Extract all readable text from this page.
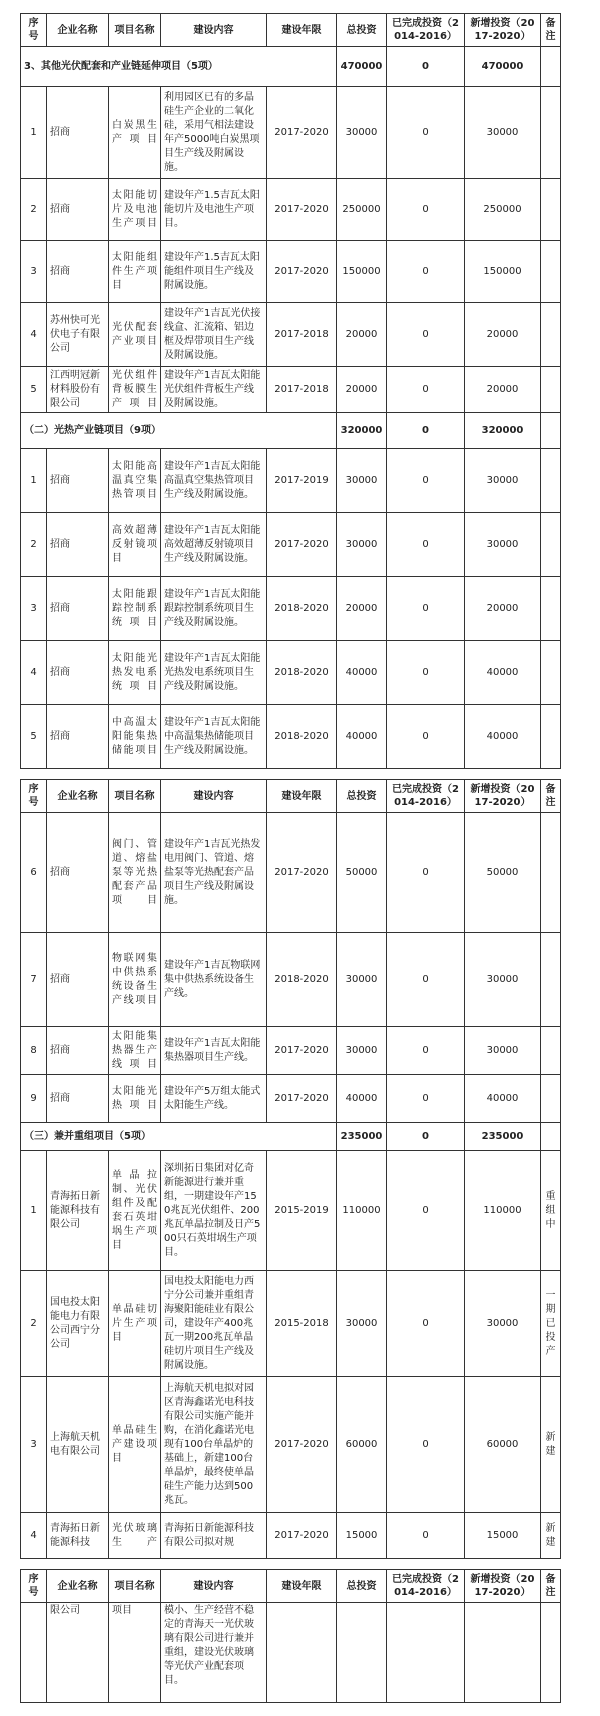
序号	企业名称	项目名称	建设内容	建设年限	总投资	已完成投资（2014-2016）	新增投资（2017-2020）	备注
3、其他光伏配套和产业链延伸项目（5项）					470000	0	470000	
1	招商	白炭黑生产项目	利用园区已有的多晶硅生产企业的二氧化硅，采用气相法建设年产5000吨白炭黑项目生产线及附属设施。	2017-2020	30000	0	30000	
2	招商	太阳能切片及电池生产项目	建设年产1.5吉瓦太阳能切片及电池生产项目。	2017-2020	250000	0	250000	
3	招商	太阳能组件生产项目	建设年产1.5吉瓦太阳能组件项目生产线及附属设施。	2017-2020	150000	0	150000	
4	苏州快可光伏电子有限公司	光伏配套产业项目	建设年产1吉瓦光伏接线盒、汇流箱、铝边框及焊带项目生产线及附属设施。	2017-2018	20000	0	20000	
5	江西明冠新材料股份有限公司	光伏组件背板膜生产项目	建设年产1吉瓦太阳能光伏组件背板生产线及附属设施。	2017-2018	20000	0	20000	
（二）光热产业链项目（9项）					320000	0	320000	
1	招商	太阳能高温真空集热管项目	建设年产1吉瓦太阳能高温真空集热管项目生产线及附属设施。	2017-2019	30000	0	30000	
2	招商	高效超薄反射镜项目	建设年产1吉瓦太阳能高效超薄反射镜项目生产线及附属设施。	2017-2020	30000	0	30000	
3	招商	太阳能跟踪控制系统项目	建设年产1吉瓦太阳能跟踪控制系统项目生产线及附属设施。	2018-2020	20000	0	20000	
4	招商	太阳能光热发电系统项目	建设年产1吉瓦太阳能光热发电系统项目生产线及附属设施。	2018-2020	40000	0	40000	
5	招商	中高温太阳能集热储能项目	建设年产1吉瓦太阳能中高温集热储能项目生产线及附属设施。	2018-2020	40000	0	40000	
序号	企业名称	项目名称	建设内容	建设年限	总投资	已完成投资（2014-2016）	新增投资（2017-2020）	备注
6	招商	阀门、管道、熔盐泵等光热配套产品项目	建设年产1吉瓦光热发电用阀门、管道、熔盐泵等光热配套产品项目生产线及附属设施。	2017-2020	50000	0	50000	
7	招商	物联网集中供热系统设备生产线项目	建设年产1吉瓦物联网集中供热系统设备生产线。	2018-2020	30000	0	30000	
8	招商	太阳能集热器生产线项目	建设年产1吉瓦太阳能集热器项目生产线。	2017-2020	30000	0	30000	
9	招商	太阳能光热项目	建设年产5万组太能式太阳能生产线。	2017-2020	40000	0	40000	
（三）兼并重组项目（5项）					235000	0	235000	
1	青海拓日新能源科技有限公司	单晶拉制、光伏组件及配套石英坩埚生产项目	深圳拓日集团对亿奇新能源进行兼并重组，一期建设年产150兆瓦光伏组件、200兆瓦单晶拉制及日产500只石英坩埚生产项目。	2015-2019	110000	0	110000	重组中
2	国电投太阳能电力有限公司西宁分公司	单晶硅切片生产项目	国电投太阳能电力西宁分公司兼并重组青海聚阳能硅业有限公司，建设年产400兆瓦一期200兆瓦单晶硅切片项目生产线及附属设施。	2015-2018	30000	0	30000	一期已投产
3	上海航天机电有限公司	单晶硅生产建设项目	上海航天机电拟对园区青海鑫诺光电科技有限公司实施产能并购，在消化鑫诺光电现有100台单晶炉的基础上，新建100台单晶炉，最终使单晶硅生产能力达到500兆瓦。	2017-2020	60000	0	60000	新建
4	青海拓日新能源科技	光伏玻璃生产	青海拓日新能源科技有限公司拟对规	2017-2020	15000	0	15000	新建
序号	企业名称	项目名称	建设内容	建设年限	总投资	已完成投资（2014-2016）	新增投资（2017-2020）	备注
	限公司	项目	模小、生产经营不稳定的青海天一光伏玻璃有限公司进行兼并重组，建设光伏玻璃等光伏产业配套项目。					
